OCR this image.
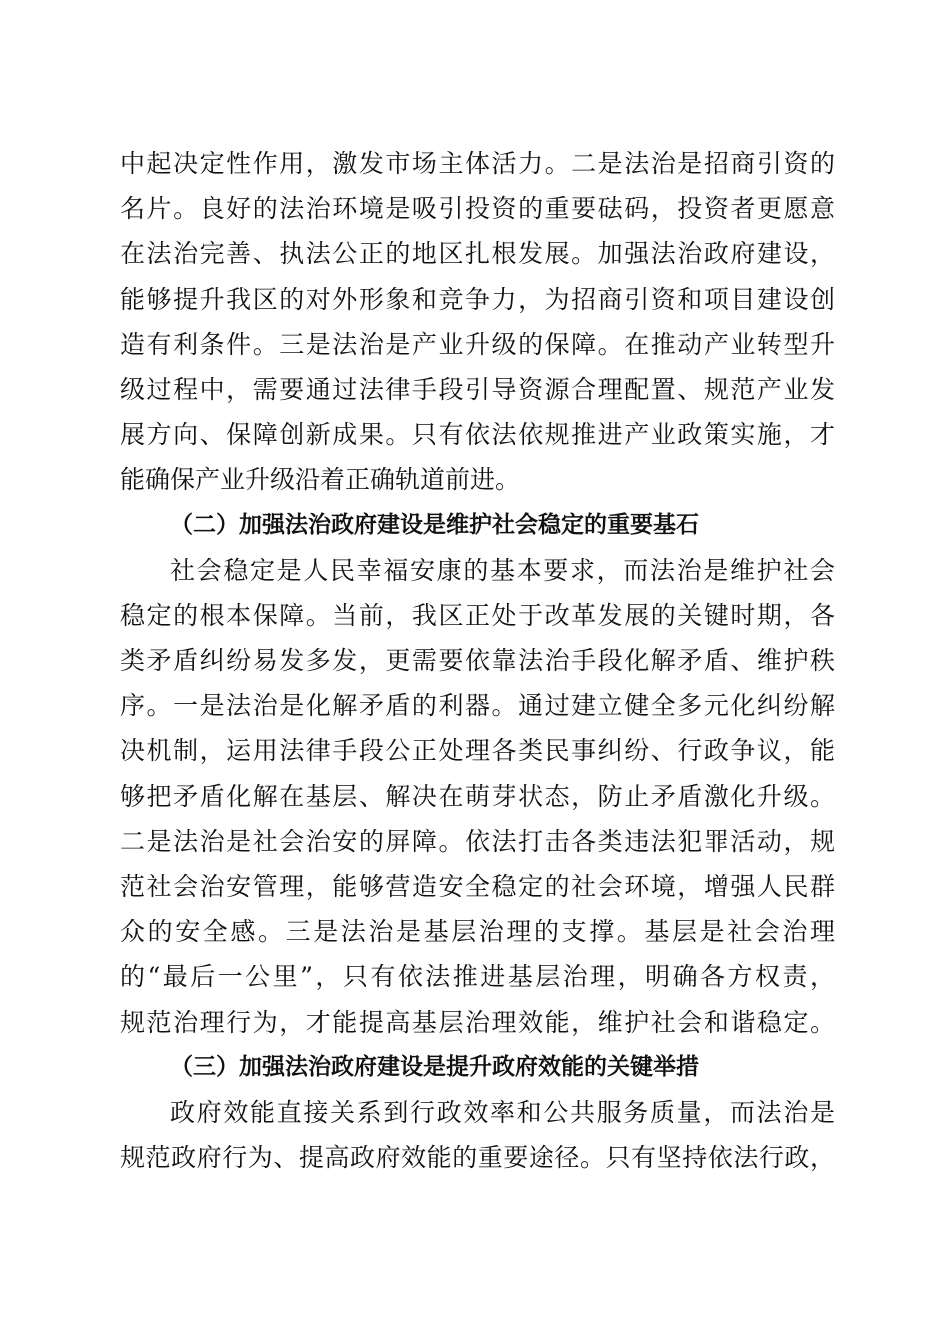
中起决定性作用，激发市场主体活力。二是法治是招商引资的
名片。良好的法治环境是吸引投资的重要砝码，投资者更愿意
在法治完善、执法公正的地区扎根发展。加强法治政府建设，
能够提升我区的对外形象和竞争力，为招商引资和项目建设创
造有利条件。三是法治是产业升级的保障。在推动产业转型升
级过程中，需要通过法律手段引导资源合理配置、规范产业发
展方向、保障创新成果。只有依法依规推进产业政策实施，才
能确保产业升级沿着正确轨道前进。
（二）加强法治政府建设是维护社会稳定的重要基石
社会稳定是人民幸福安康的基本要求，而法治是维护社会
稳定的根本保障。当前，我区正处于改革发展的关键时期，各
类矛盾纠纷易发多发，更需要依靠法治手段化解矛盾、维护秩
序。一是法治是化解矛盾的利器。通过建立健全多元化纠纷解
决机制，运用法律手段公正处理各类民事纠纷、行政争议，能
够把矛盾化解在基层、解决在萌芽状态，防止矛盾激化升级。
二是法治是社会治安的屏障。依法打击各类违法犯罪活动，规
范社会治安管理，能够营造安全稳定的社会环境，增强人民群
众的安全感。三是法治是基层治理的支撑。基层是社会治理
的“最后一公里”，只有依法推进基层治理，明确各方权责，
规范治理行为，才能提高基层治理效能，维护社会和谐稳定。
（三）加强法治政府建设是提升政府效能的关键举措
政府效能直接关系到行政效率和公共服务质量，而法治是
规范政府行为、提高政府效能的重要途径。只有坚持依法行政，
